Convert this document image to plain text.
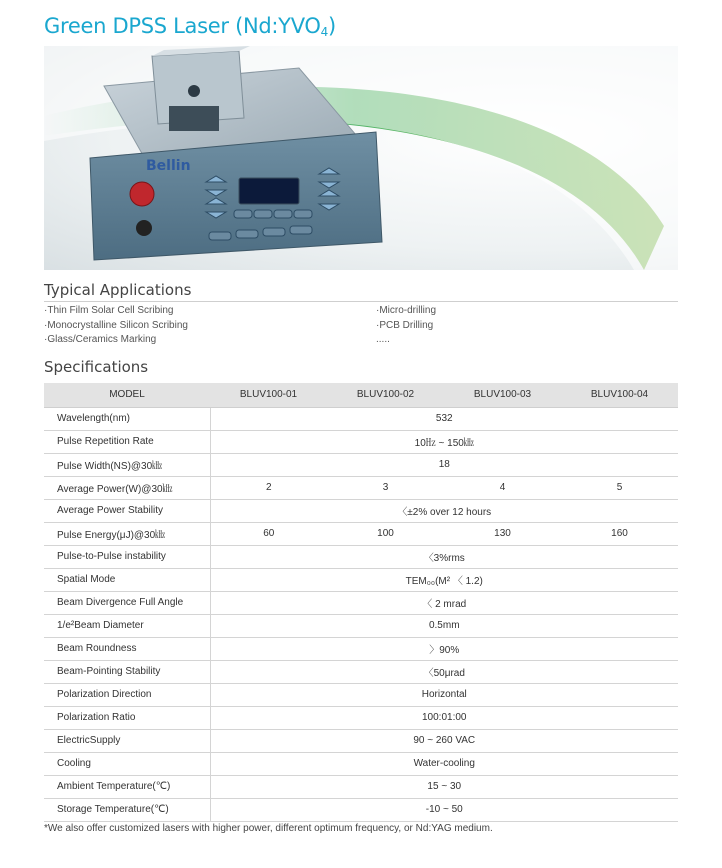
Green DPSS Laser $(Nd:YVO_4)$
Bellin
Typical Applications
·Thin Film Solar Cell Scribing
·Monocrystalline Silicon Scribing
·Glass/Ceramics Marking
·Micro-drilling
·PCB Drilling
.....
Specifications
MODEL	BLUV100-01	BLUV100-02	BLUV100-03	BLUV100-04
Wavelength(nm)	532			
Pulse Repetition Rate	10㎐ ~ 150㎑			
Pulse Width(NS)@30㎑	18			
Average Power(W)@30㎑	2	3	4	5
Average Power Stability	〈±2% over 12 hours			
Pulse Energy(μJ)@30㎑	60	100	130	160
Pulse-to-Pulse instability	〈3%rms			
Spatial Mode	TEM₀₀(M² 〈 1.2)			
Beam Divergence Full Angle	〈 2 mrad			
1/e²Beam Diameter	0.5mm			
Beam Roundness	〉90%			
Beam-Pointing Stability	〈50μrad			
Polarization Direction	Horizontal			
Polarization Ratio	100:01:00			
ElectricSupply	90 ~ 260 VAC			
Cooling	Water-cooling			
Ambient Temperature(℃)	15 ~ 30			
Storage Temperature(℃)	-10 ~ 50			
*We also offer customized lasers with higher power, different optimum frequency, or Nd:YAG medium.
